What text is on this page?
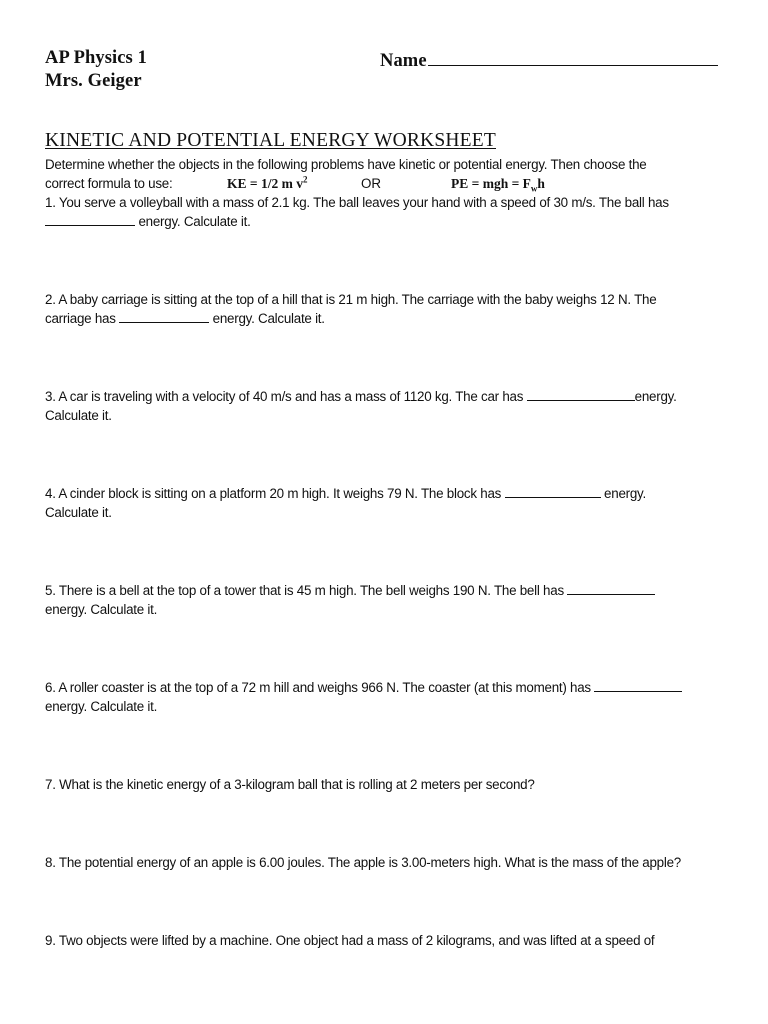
AP Physics 1
Mrs. Geiger
Name
KINETIC AND POTENTIAL ENERGY WORKSHEET
Determine whether the objects in the following problems have kinetic or potential energy. Then choose the
correct formula to use:	KE = 1/2 m $v^2$	OR	PE = mgh = $F_wh$
1. You serve a volleyball with a mass of 2.1 kg. The ball leaves your hand with a speed of 30 m/s. The ball has
energy. Calculate it.
2. A baby carriage is sitting at the top of a hill that is 21 m high. The carriage with the baby weighs 12 N. The
carriage has	energy. Calculate it.
3. A car is traveling with a velocity of 40 m/s and has a mass of 1120 kg. The car has	energy.
Calculate it.
4. A cinder block is sitting on a platform 20 m high. It weighs 79 N. The block has	energy.
Calculate it.
5. There is a bell at the top of a tower that is 45 m high. The bell weighs 190 N. The bell has
energy. Calculate it.
6. A roller coaster is at the top of a 72 m hill and weighs 966 N. The coaster (at this moment) has
energy. Calculate it.
7. What is the kinetic energy of a 3-kilogram ball that is rolling at 2 meters per second?
8. The potential energy of an apple is 6.00 joules. The apple is 3.00-meters high. What is the mass of the apple?
9. Two objects were lifted by a machine. One object had a mass of 2 kilograms, and was lifted at a speed of
